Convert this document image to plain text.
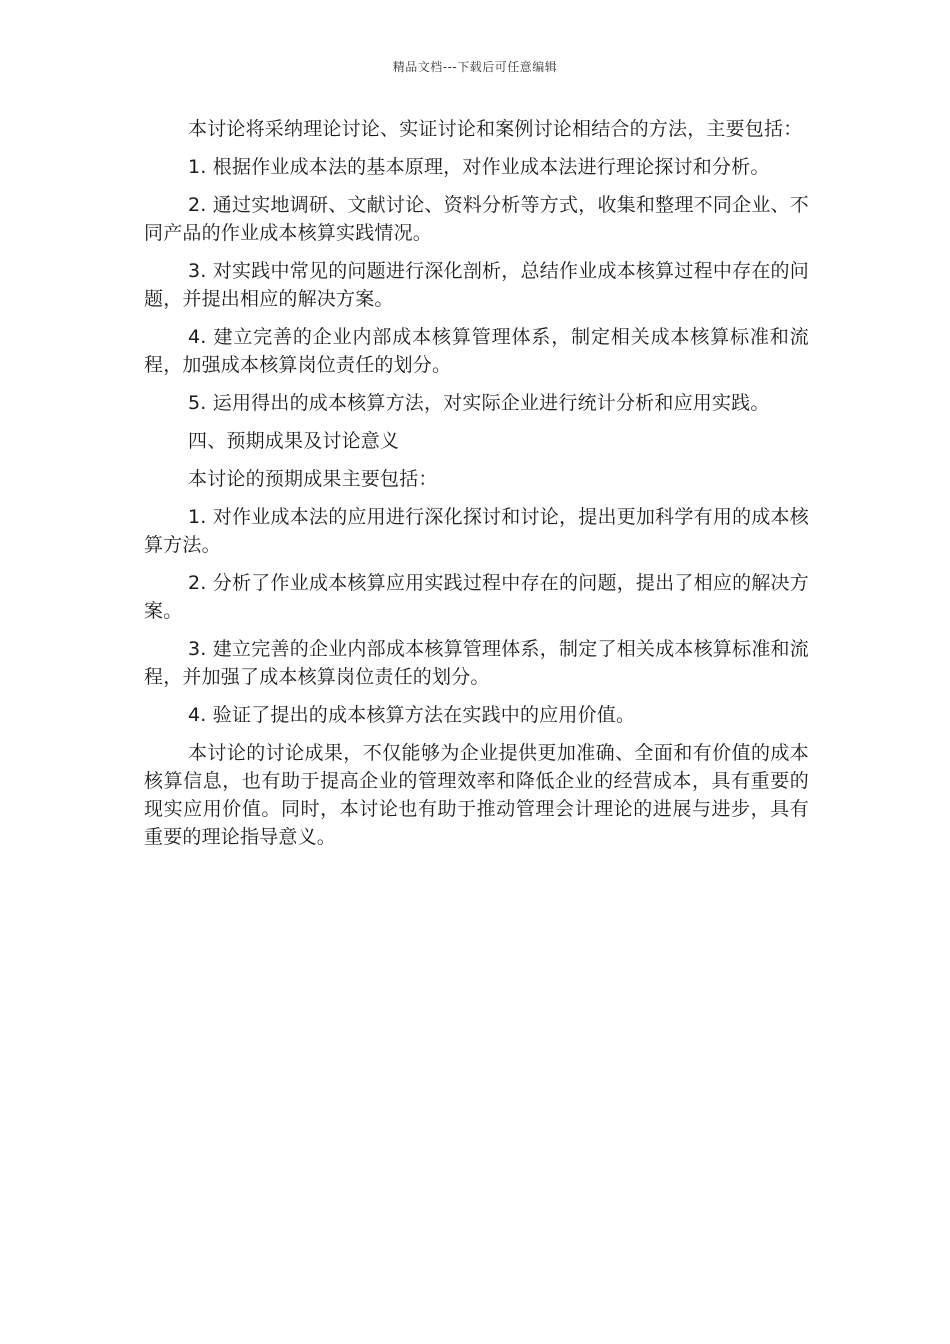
精品文档---下载后可任意编辑

本讨论将采纳理论讨论、实证讨论和案例讨论相结合的方法，主要包括：

1. 根据作业成本法的基本原理，对作业成本法进行理论探讨和分析。

2. 通过实地调研、文献讨论、资料分析等方式，收集和整理不同企业、不同产品的作业成本核算实践情况。

3. 对实践中常见的问题进行深化剖析，总结作业成本核算过程中存在的问题，并提出相应的解决方案。

4. 建立完善的企业内部成本核算管理体系，制定相关成本核算标准和流程，加强成本核算岗位责任的划分。

5. 运用得出的成本核算方法，对实际企业进行统计分析和应用实践。

四、预期成果及讨论意义

本讨论的预期成果主要包括：

1. 对作业成本法的应用进行深化探讨和讨论，提出更加科学有用的成本核算方法。

2. 分析了作业成本核算应用实践过程中存在的问题，提出了相应的解决方案。

3. 建立完善的企业内部成本核算管理体系，制定了相关成本核算标准和流程，并加强了成本核算岗位责任的划分。

4. 验证了提出的成本核算方法在实践中的应用价值。

本讨论的讨论成果，不仅能够为企业提供更加准确、全面和有价值的成本核算信息，也有助于提高企业的管理效率和降低企业的经营成本，具有重要的现实应用价值。同时，本讨论也有助于推动管理会计理论的进展与进步，具有重要的理论指导意义。
